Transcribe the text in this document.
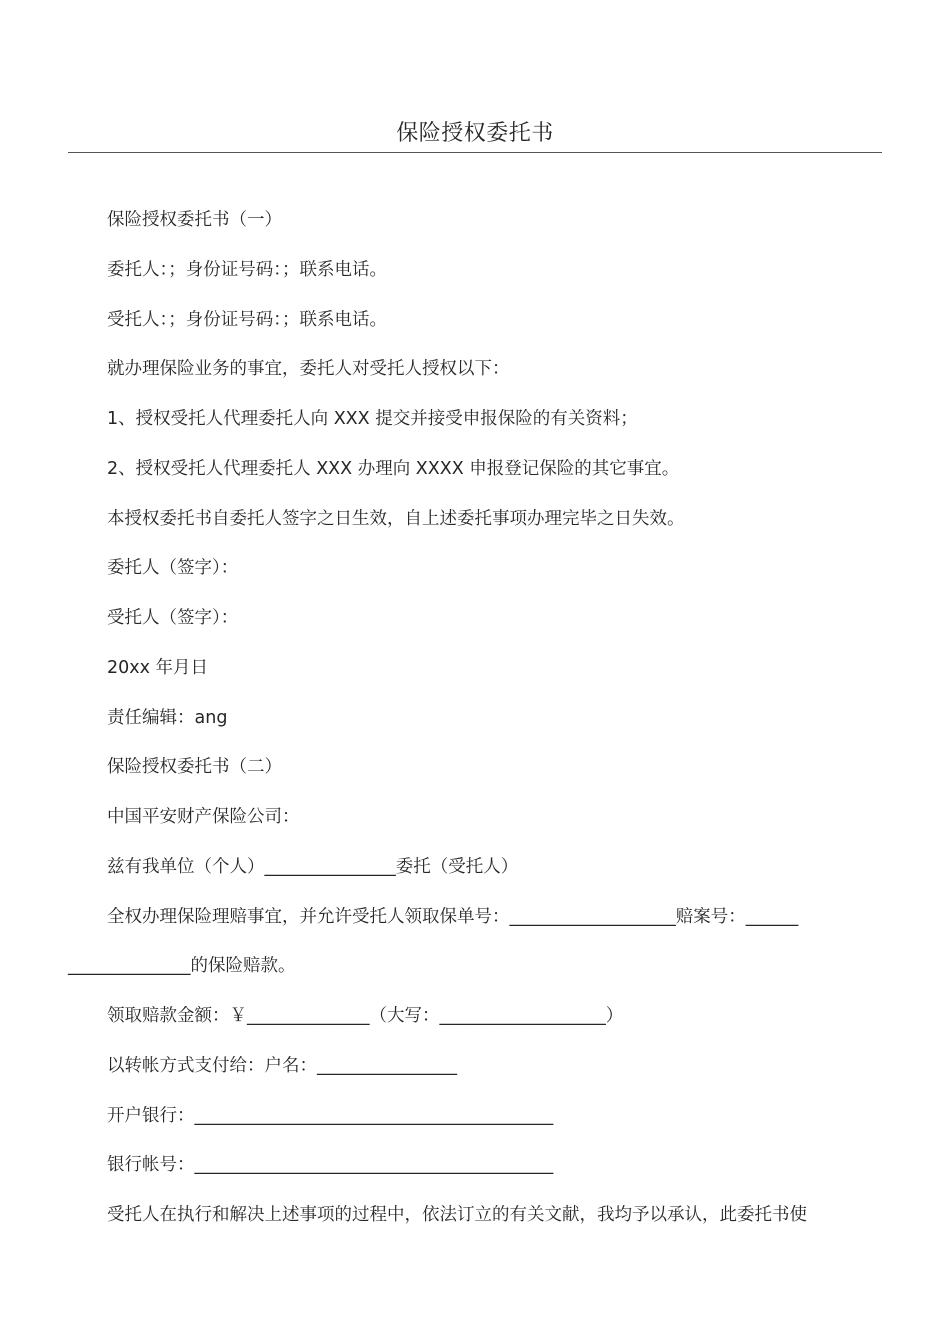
保险授权委托书
保险授权委托书（一）
委托人：；身份证号码：；联系电话。
受托人：；身份证号码：；联系电话。
就办理保险业务的事宜，委托人对受托人授权以下：
1、授权受托人代理委托人向 XXX 提交并接受申报保险的有关资料；
2、授权受托人代理委托人 XXX 办理向 XXXX 申报登记保险的其它事宜。
本授权委托书自委托人签字之日生效，自上述委托事项办理完毕之日失效。
委托人（签字）：
受托人（签字）：
20xx 年月日
责任编辑：ang
保险授权委托书（二）
中国平安财产保险公司：
兹有我单位（个人）_______________委托（受托人）
全权办理保险理赔事宜，并允许受托人领取保单号：___________________赔案号：______
______________的保险赔款。
领取赔款金额：￥______________（大写：___________________）
以转帐方式支付给：户名：________________
开户银行：_________________________________________
银行帐号：_________________________________________
受托人在执行和解决上述事项的过程中，依法订立的有关文献，我均予以承认，此委托书使
